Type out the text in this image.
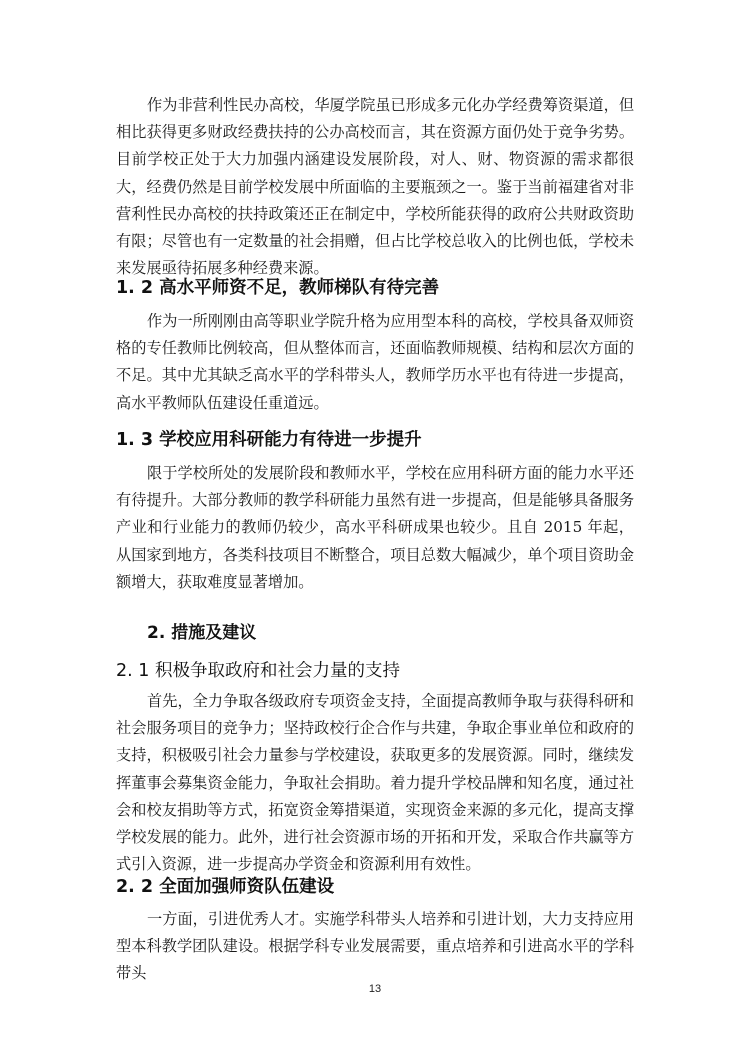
作为非营利性民办高校，华厦学院虽已形成多元化办学经费筹资渠道，但相比获得更多财政经费扶持的公办高校而言，其在资源方面仍处于竞争劣势。目前学校正处于大力加强内涵建设发展阶段，对人、财、物资源的需求都很大，经费仍然是目前学校发展中所面临的主要瓶颈之一。鉴于当前福建省对非营利性民办高校的扶持政策还正在制定中，学校所能获得的政府公共财政资助有限；尽管也有一定数量的社会捐赠，但占比学校总收入的比例也低，学校未来发展亟待拓展多种经费来源。

1. 2 高水平师资不足，教师梯队有待完善

作为一所刚刚由高等职业学院升格为应用型本科的高校，学校具备双师资格的专任教师比例较高，但从整体而言，还面临教师规模、结构和层次方面的不足。其中尤其缺乏高水平的学科带头人，教师学历水平也有待进一步提高，高水平教师队伍建设任重道远。

1. 3 学校应用科研能力有待进一步提升

限于学校所处的发展阶段和教师水平，学校在应用科研方面的能力水平还有待提升。大部分教师的教学科研能力虽然有进一步提高，但是能够具备服务产业和行业能力的教师仍较少，高水平科研成果也较少。且自 2015 年起，从国家到地方，各类科技项目不断整合，项目总数大幅减少，单个项目资助金额增大，获取难度显著增加。

2. 措施及建议

2. 1 积极争取政府和社会力量的支持

首先，全力争取各级政府专项资金支持，全面提高教师争取与获得科研和社会服务项目的竞争力；坚持政校行企合作与共建，争取企事业单位和政府的支持，积极吸引社会力量参与学校建设，获取更多的发展资源。同时，继续发挥董事会募集资金能力，争取社会捐助。着力提升学校品牌和知名度，通过社会和校友捐助等方式，拓宽资金筹措渠道，实现资金来源的多元化，提高支撑学校发展的能力。此外，进行社会资源市场的开拓和开发，采取合作共赢等方式引入资源，进一步提高办学资金和资源利用有效性。

2. 2 全面加强师资队伍建设

一方面，引进优秀人才。实施学科带头人培养和引进计划，大力支持应用型本科教学团队建设。根据学科专业发展需要，重点培养和引进高水平的学科带头

13
